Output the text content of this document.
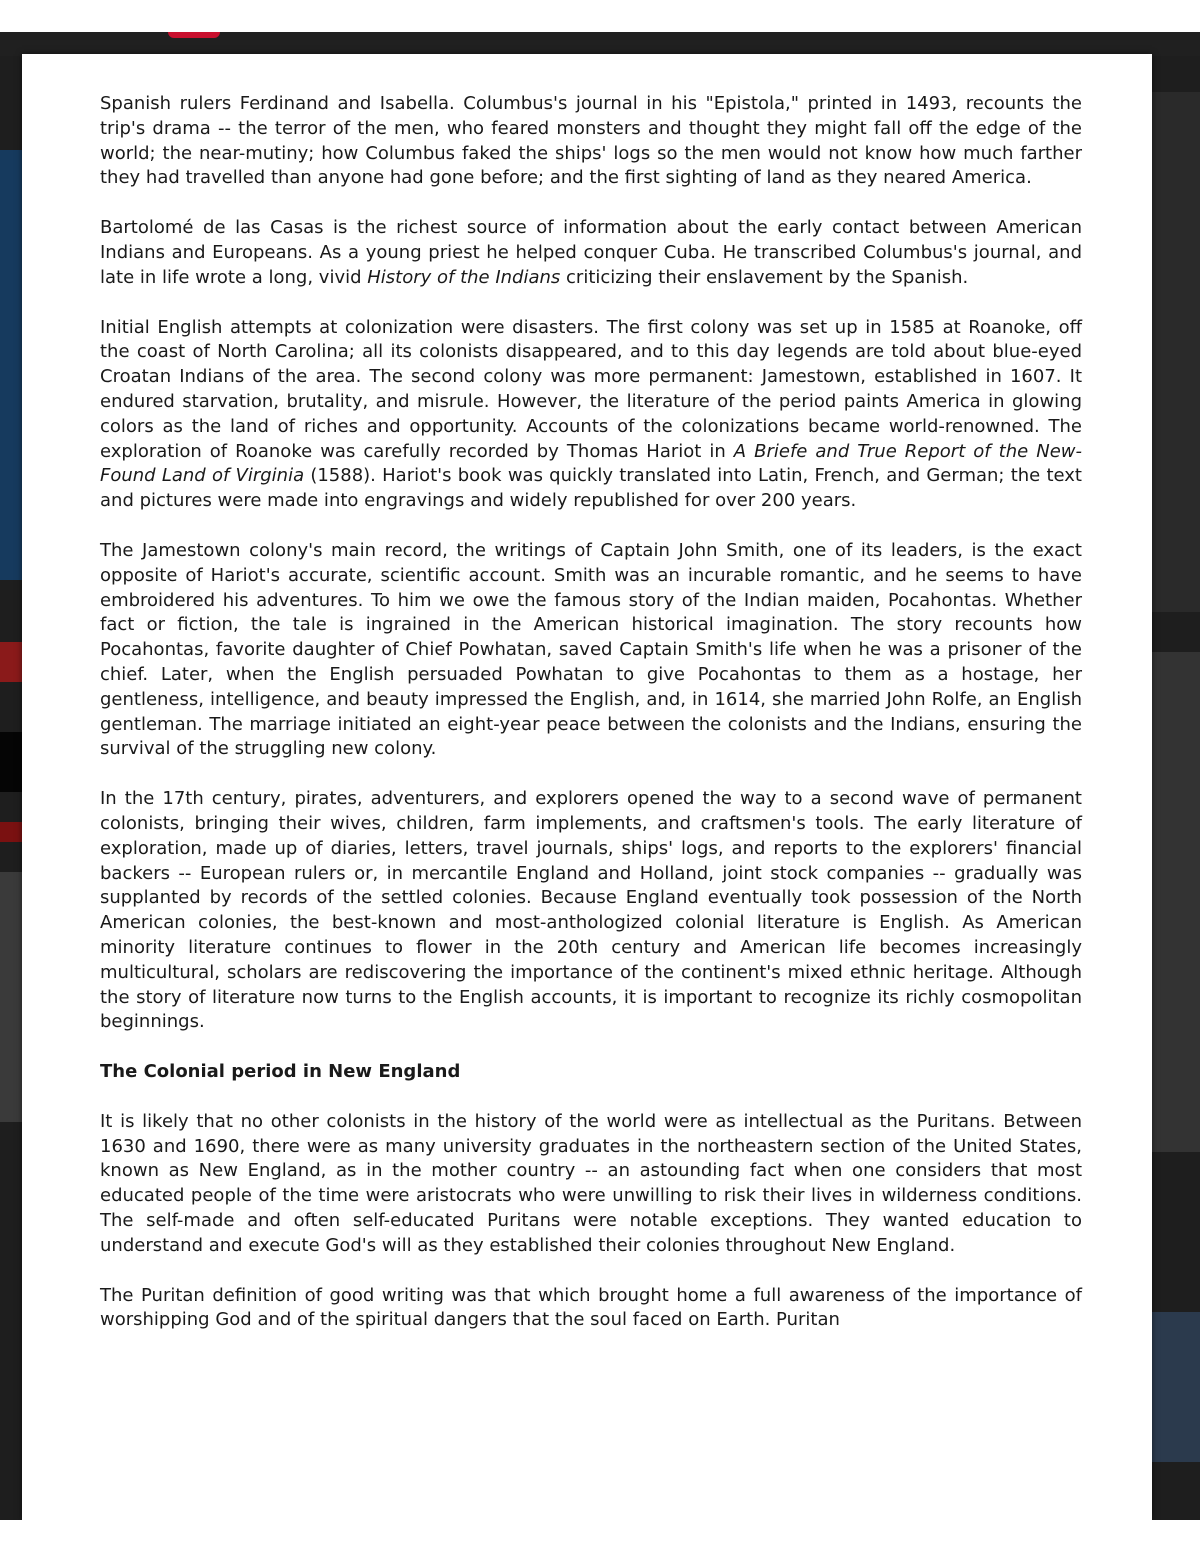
Spanish rulers Ferdinand and Isabella. Columbus's journal in his "Epistola," printed in 1493, recounts the trip's drama -- the terror of the men, who feared monsters and thought they might fall off the edge of the world; the near-mutiny; how Columbus faked the ships' logs so the men would not know how much farther they had travelled than anyone had gone before; and the first sighting of land as they neared America.

Bartolomé de las Casas is the richest source of information about the early contact between American Indians and Europeans. As a young priest he helped conquer Cuba. He transcribed Columbus's journal, and late in life wrote a long, vivid History of the Indians criticizing their enslavement by the Spanish.

Initial English attempts at colonization were disasters. The first colony was set up in 1585 at Roanoke, off the coast of North Carolina; all its colonists disappeared, and to this day legends are told about blue-eyed Croatan Indians of the area. The second colony was more permanent: Jamestown, established in 1607. It endured starvation, brutality, and misrule. However, the literature of the period paints America in glowing colors as the land of riches and opportunity. Accounts of the colonizations became world-renowned. The exploration of Roanoke was carefully recorded by Thomas Hariot in A Briefe and True Report of the New-Found Land of Virginia (1588). Hariot's book was quickly translated into Latin, French, and German; the text and pictures were made into engravings and widely republished for over 200 years.

The Jamestown colony's main record, the writings of Captain John Smith, one of its leaders, is the exact opposite of Hariot's accurate, scientific account. Smith was an incurable romantic, and he seems to have embroidered his adventures. To him we owe the famous story of the Indian maiden, Pocahontas. Whether fact or fiction, the tale is ingrained in the American historical imagination. The story recounts how Pocahontas, favorite daughter of Chief Powhatan, saved Captain Smith's life when he was a prisoner of the chief. Later, when the English persuaded Powhatan to give Pocahontas to them as a hostage, her gentleness, intelligence, and beauty impressed the English, and, in 1614, she married John Rolfe, an English gentleman. The marriage initiated an eight-year peace between the colonists and the Indians, ensuring the survival of the struggling new colony.

In the 17th century, pirates, adventurers, and explorers opened the way to a second wave of permanent colonists, bringing their wives, children, farm implements, and craftsmen's tools. The early literature of exploration, made up of diaries, letters, travel journals, ships' logs, and reports to the explorers' financial backers -- European rulers or, in mercantile England and Holland, joint stock companies -- gradually was supplanted by records of the settled colonies. Because England eventually took possession of the North American colonies, the best-known and most-anthologized colonial literature is English. As American minority literature continues to flower in the 20th century and American life becomes increasingly multicultural, scholars are rediscovering the importance of the continent's mixed ethnic heritage. Although the story of literature now turns to the English accounts, it is important to recognize its richly cosmopolitan beginnings.

The Colonial period in New England

It is likely that no other colonists in the history of the world were as intellectual as the Puritans. Between 1630 and 1690, there were as many university graduates in the northeastern section of the United States, known as New England, as in the mother country -- an astounding fact when one considers that most educated people of the time were aristocrats who were unwilling to risk their lives in wilderness conditions. The self-made and often self-educated Puritans were notable exceptions. They wanted education to understand and execute God's will as they established their colonies throughout New England.

The Puritan definition of good writing was that which brought home a full awareness of the importance of worshipping God and of the spiritual dangers that the soul faced on Earth. Puritan
